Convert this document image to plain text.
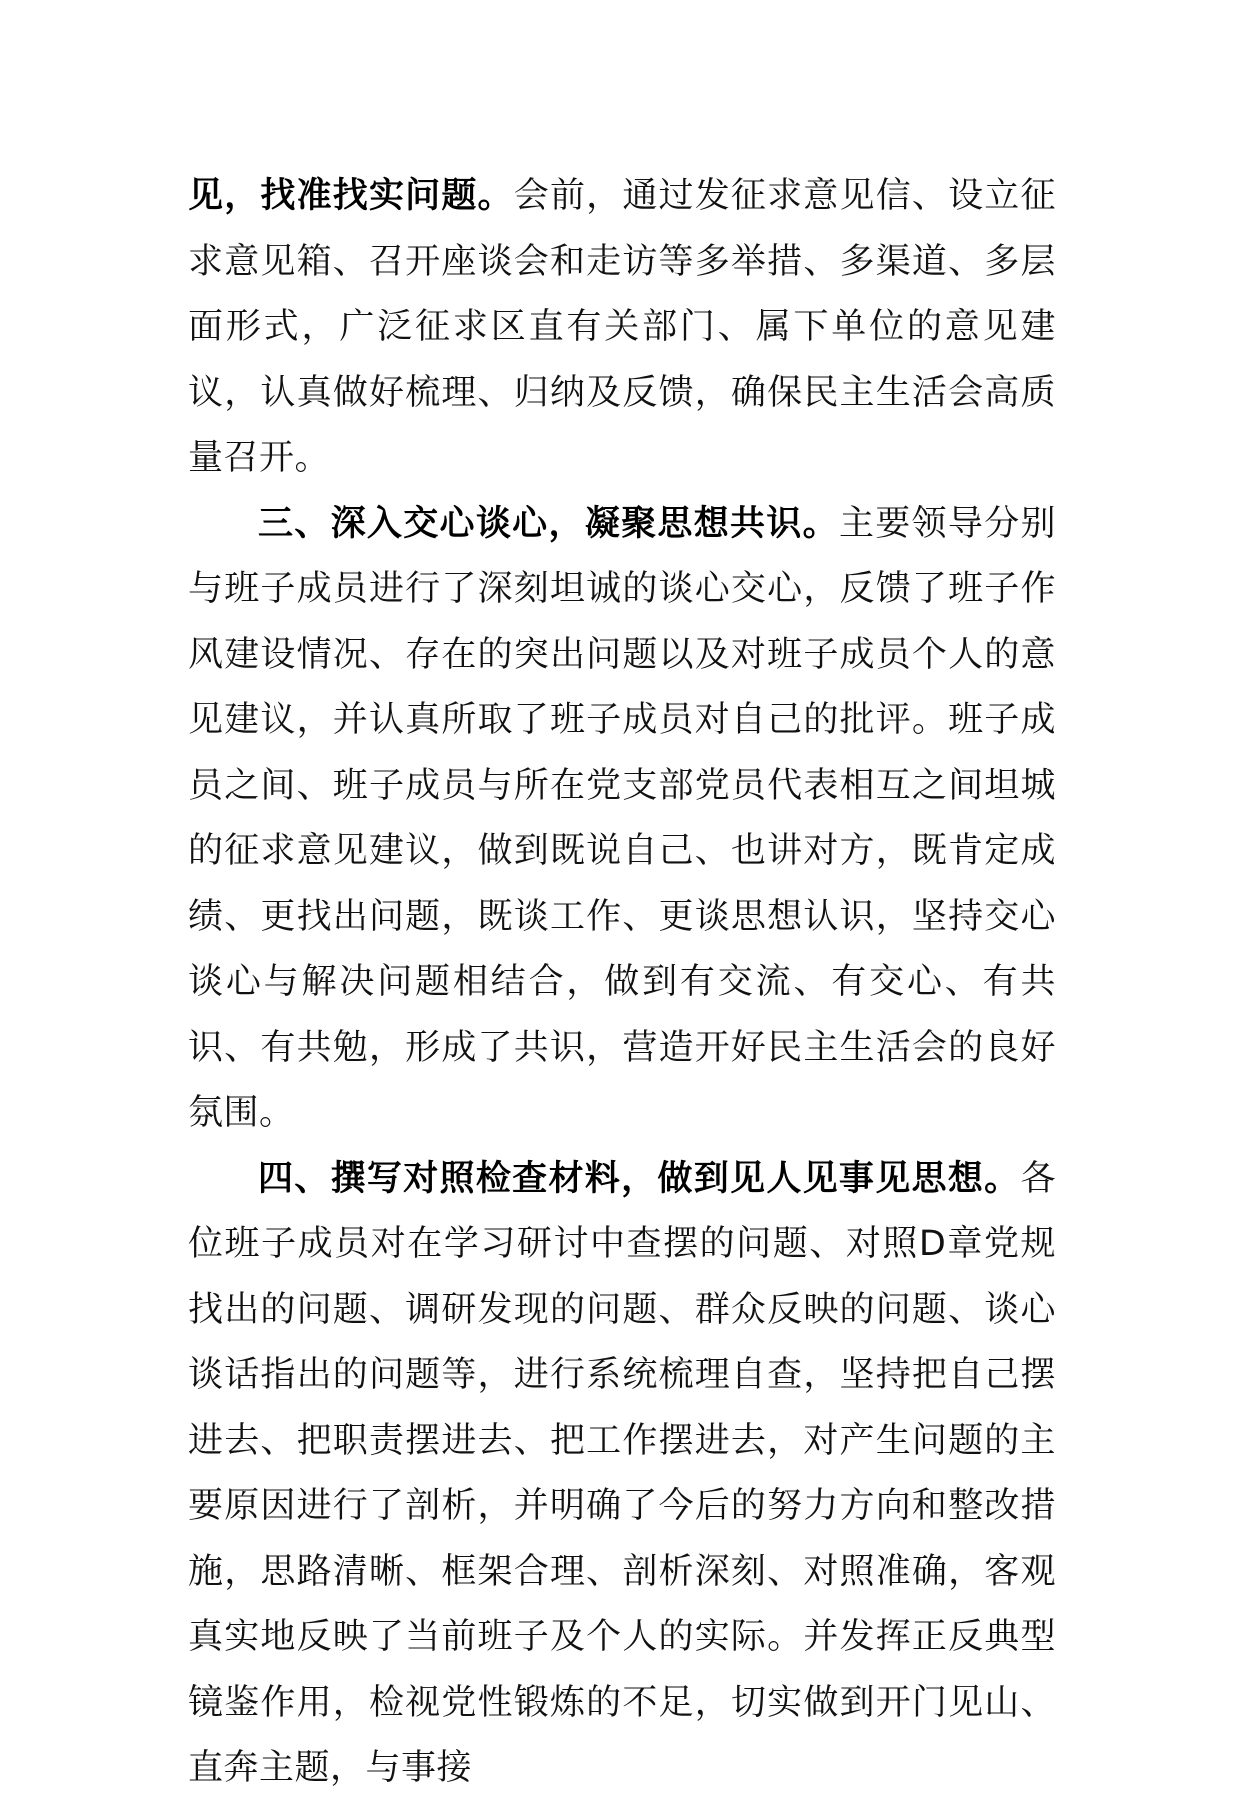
见，找准找实问题。会前，通过发征求意见信、设立征求意见箱、召开座谈会和走访等多举措、多渠道、多层面形式，广泛征求区直有关部门、属下单位的意见建议，认真做好梳理、归纳及反馈，确保民主生活会高质量召开。

三、深入交心谈心，凝聚思想共识。主要领导分别与班子成员进行了深刻坦诚的谈心交心，反馈了班子作风建设情况、存在的突出问题以及对班子成员个人的意见建议，并认真所取了班子成员对自己的批评。班子成员之间、班子成员与所在党支部党员代表相互之间坦城的征求意见建议，做到既说自己、也讲对方，既肯定成绩、更找出问题，既谈工作、更谈思想认识，坚持交心谈心与解决问题相结合，做到有交流、有交心、有共识、有共勉，形成了共识，营造开好民主生活会的良好氛围。

四、撰写对照检查材料，做到见人见事见思想。各位班子成员对在学习研讨中查摆的问题、对照D章党规找出的问题、调研发现的问题、群众反映的问题、谈心谈话指出的问题等，进行系统梳理自查，坚持把自己摆进去、把职责摆进去、把工作摆进去，对产生问题的主要原因进行了剖析，并明确了今后的努力方向和整改措施，思路清晰、框架合理、剖析深刻、对照准确，客观真实地反映了当前班子及个人的实际。并发挥正反典型镜鉴作用，检视党性锻炼的不足，切实做到开门见山、直奔主题，与事接
